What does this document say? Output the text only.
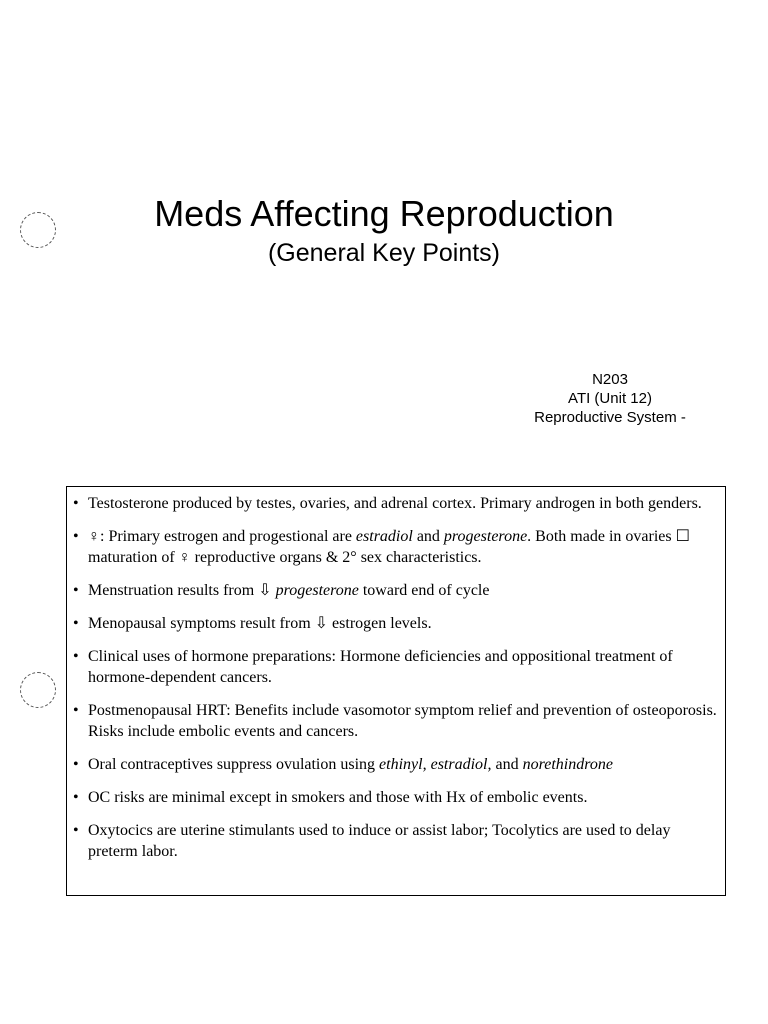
Meds Affecting Reproduction
(General Key Points)
N203
ATI (Unit 12)
Reproductive System -
• Testosterone produced by testes, ovaries, and adrenal cortex. Primary androgen in both genders.
• ♀: Primary estrogen and progestional are estradiol and progesterone. Both made in ovaries ☐ maturation of ♀ reproductive organs & 2° sex characteristics.
• Menstruation results from ⇩ progesterone toward end of cycle
• Menopausal symptoms result from ⇩ estrogen levels.
• Clinical uses of hormone preparations: Hormone deficiencies and oppositional treatment of hormone-dependent cancers.
• Postmenopausal HRT: Benefits include vasomotor symptom relief and prevention of osteoporosis. Risks include embolic events and cancers.
• Oral contraceptives suppress ovulation using ethinyl, estradiol, and norethindrone
• OC risks are minimal except in smokers and those with Hx of embolic events.
• Oxytocics are uterine stimulants used to induce or assist labor; Tocolytics are used to delay preterm labor.
